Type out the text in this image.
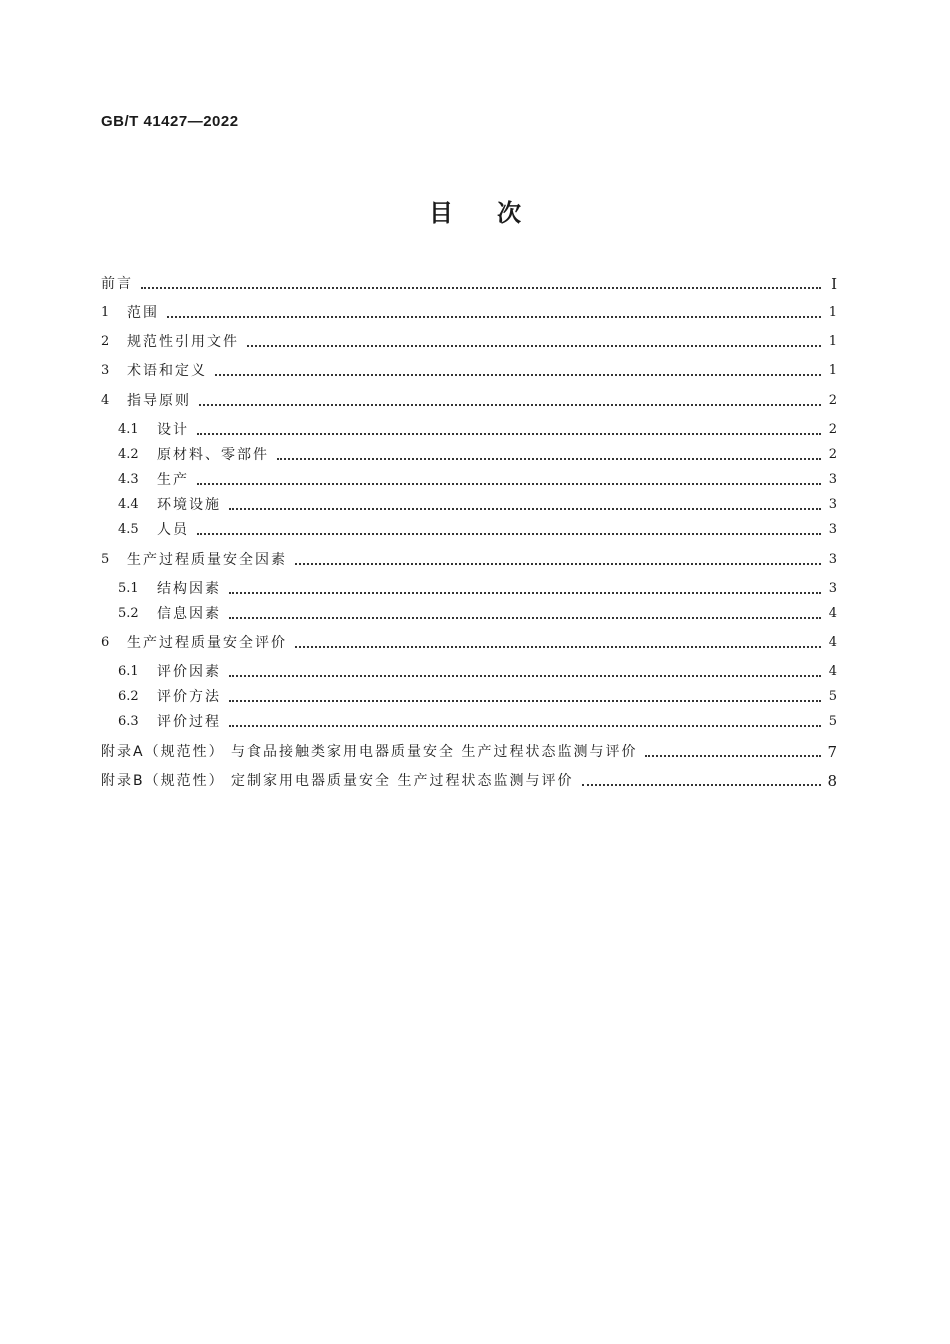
GB/T 41427—2022
目次
前言	Ⅰ
1	范围	1
2	规范性引用文件	1
3	术语和定义	1
4	指导原则	2
4.1	设计	2
4.2	原材料、零部件	2
4.3	生产	3
4.4	环境设施	3
4.5	人员	3
5	生产过程质量安全因素	3
5.1	结构因素	3
5.2	信息因素	4
6	生产过程质量安全评价	4
6.1	评价因素	4
6.2	评价方法	5
6.3	评价过程	5
附录A（规范性） 与食品接触类家用电器质量安全 生产过程状态监测与评价	7
附录B（规范性） 定制家用电器质量安全 生产过程状态监测与评价	8
